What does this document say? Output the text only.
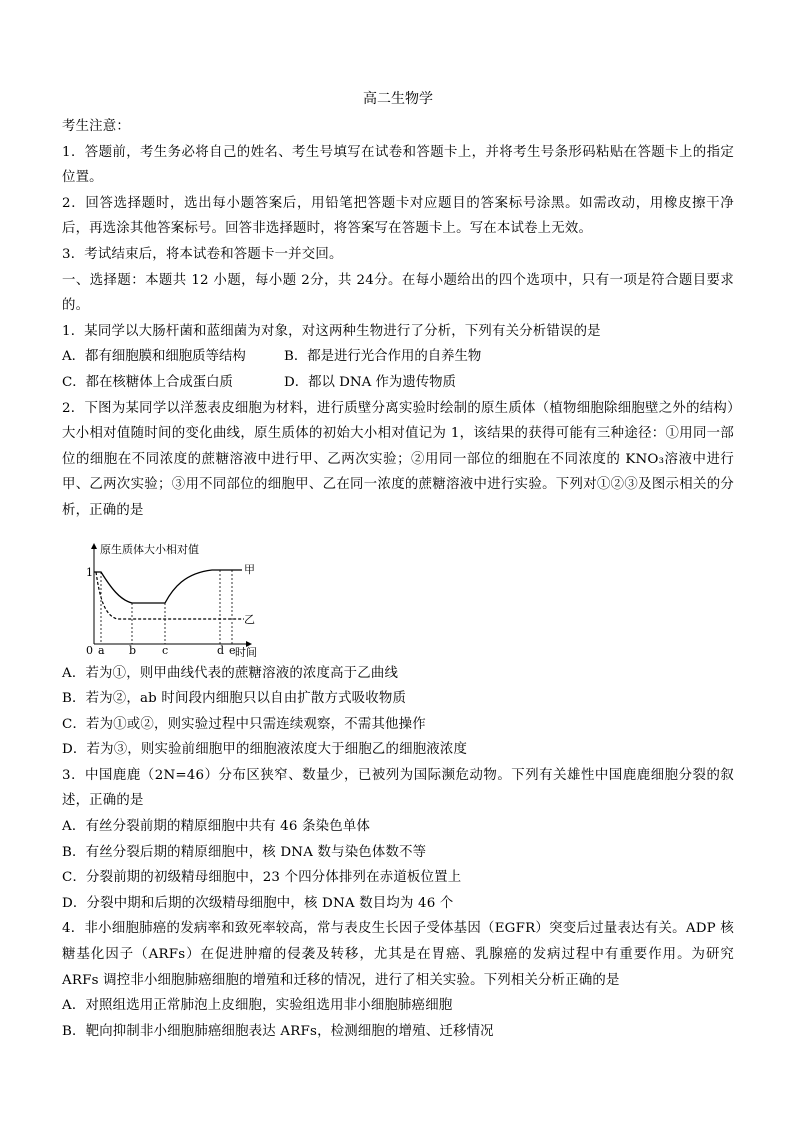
高二生物学

考生注意：

1．答题前，考生务必将自己的姓名、考生号填写在试卷和答题卡上，并将考生号条形码粘贴在答题卡上的指定位置。

2．回答选择题时，选出每小题答案后，用铅笔把答题卡对应题目的答案标号涂黑。如需改动，用橡皮擦干净后，再选涂其他答案标号。回答非选择题时，将答案写在答题卡上。写在本试卷上无效。

3．考试结束后，将本试卷和答题卡一并交回。

一、选择题：本题共 12 小题，每小题 2分，共 24分。在每小题给出的四个选项中，只有一项是符合题目要求的。

1．某同学以大肠杆菌和蓝细菌为对象，对这两种生物进行了分析，下列有关分析错误的是

A．都有细胞膜和细胞质等结构	B．都是进行光合作用的自养生物
C．都在核糖体上合成蛋白质	D．都以 DNA 作为遗传物质

2．下图为某同学以洋葱表皮细胞为材料，进行质壁分离实验时绘制的原生质体（植物细胞除细胞壁之外的结构）大小相对值随时间的变化曲线，原生质体的初始大小相对值记为 1，该结果的获得可能有三种途径：①用同一部位的细胞在不同浓度的蔗糖溶液中进行甲、乙两次实验；②用同一部位的细胞在不同浓度的 KNO₃溶液中进行甲、乙两次实验；③用不同部位的细胞甲、乙在同一浓度的蔗糖溶液中进行实验。下列对①②③及图示相关的分析，正确的是

原生质体大小相对值
1
0
甲
乙
a b c	d e 时间

A．若为①，则甲曲线代表的蔗糖溶液的浓度高于乙曲线

B．若为②，ab 时间段内细胞只以自由扩散方式吸收物质

C．若为①或②，则实验过程中只需连续观察，不需其他操作

D．若为③，则实验前细胞甲的细胞液浓度大于细胞乙的细胞液浓度

3．中国鹿鹿（2N=46）分布区狭窄、数量少，已被列为国际濒危动物。下列有关雄性中国鹿鹿细胞分裂的叙述，正确的是

A．有丝分裂前期的精原细胞中共有 46 条染色单体

B．有丝分裂后期的精原细胞中，核 DNA 数与染色体数不等

C．分裂前期的初级精母细胞中，23 个四分体排列在赤道板位置上

D．分裂中期和后期的次级精母细胞中，核 DNA 数目均为 46 个

4．非小细胞肺癌的发病率和致死率较高，常与表皮生长因子受体基因（EGFR）突变后过量表达有关。ADP 核糖基化因子（ARFs）在促进肿瘤的侵袭及转移，尤其是在胃癌、乳腺癌的发病过程中有重要作用。为研究 ARFs 调控非小细胞肺癌细胞的增殖和迁移的情况，进行了相关实验。下列相关分析正确的是

A．对照组选用正常肺泡上皮细胞，实验组选用非小细胞肺癌细胞

B．靶向抑制非小细胞肺癌细胞表达 ARFs，检测细胞的增殖、迁移情况
